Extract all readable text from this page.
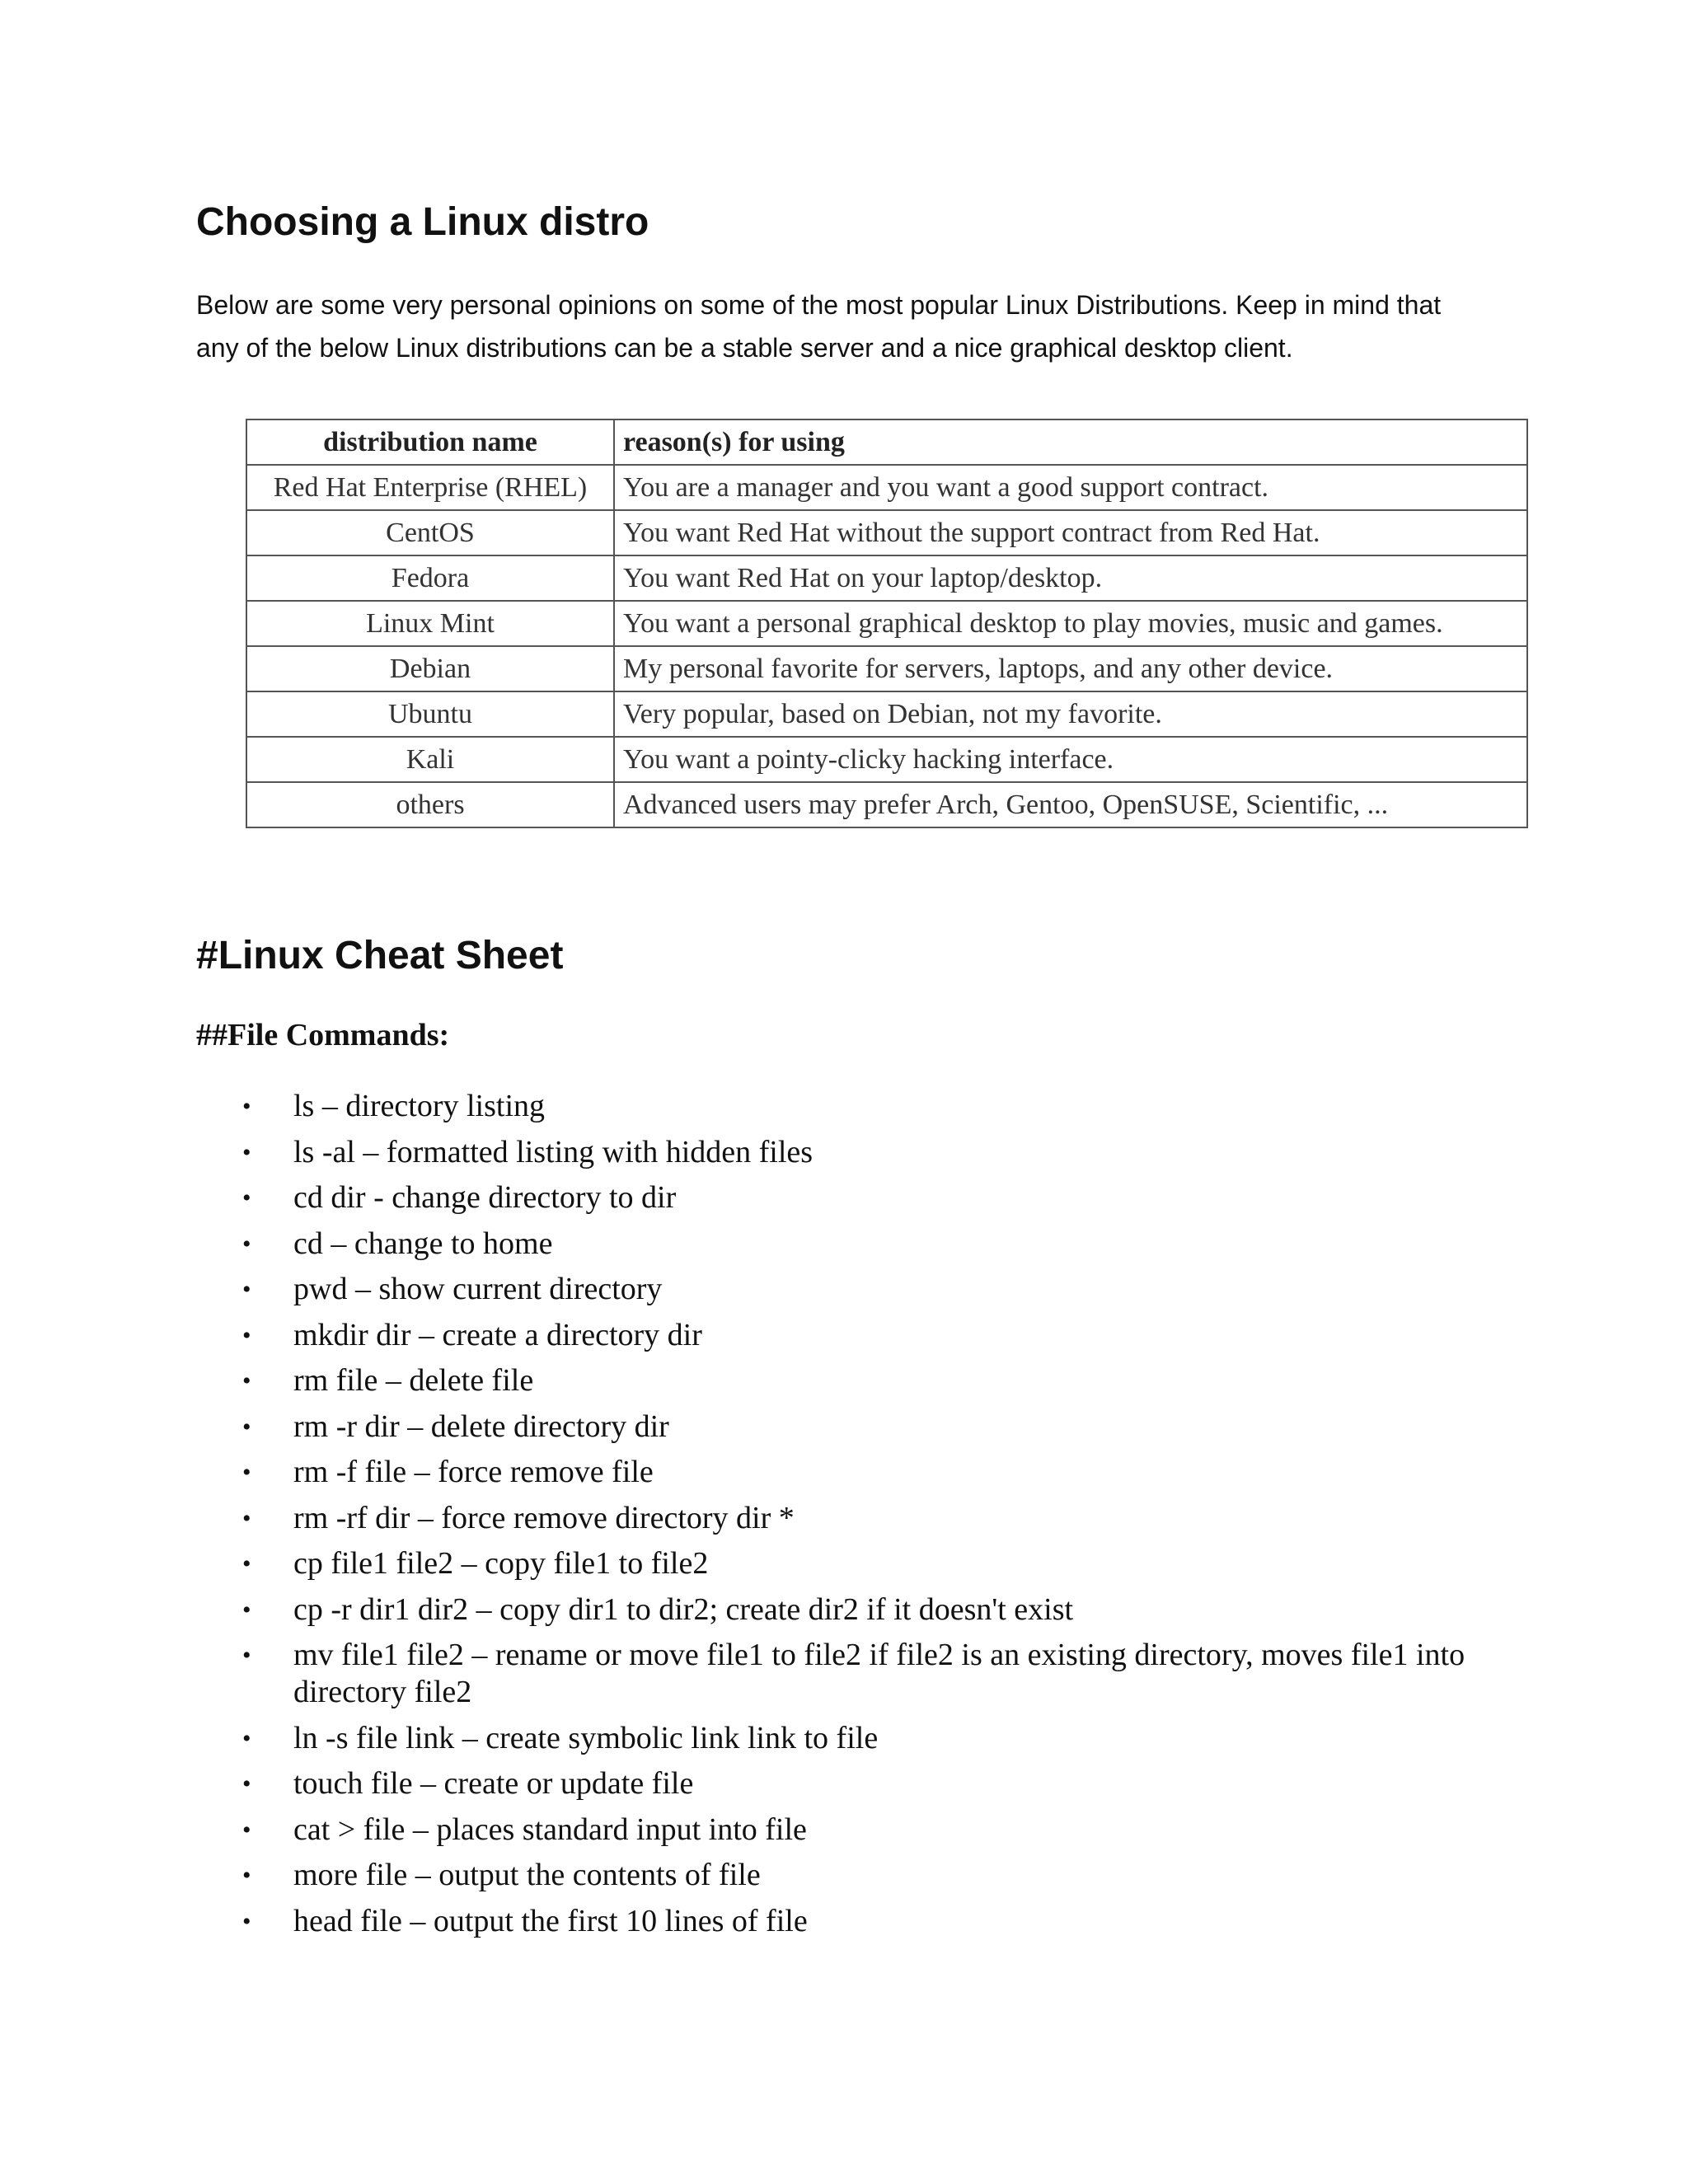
Choosing a Linux distro

Below are some very personal opinions on some of the most popular Linux Distributions. Keep in mind that any of the below Linux distributions can be a stable server and a nice graphical desktop client.

distribution name	reason(s) for using
Red Hat Enterprise (RHEL)	You are a manager and you want a good support contract.
CentOS	You want Red Hat without the support contract from Red Hat.
Fedora	You want Red Hat on your laptop/desktop.
Linux Mint	You want a personal graphical desktop to play movies, music and games.
Debian	My personal favorite for servers, laptops, and any other device.
Ubuntu	Very popular, based on Debian, not my favorite.
Kali	You want a pointy-clicky hacking interface.
others	Advanced users may prefer Arch, Gentoo, OpenSUSE, Scientific, ...
#Linux Cheat Sheet
##File Commands:
• ls – directory listing
• ls -al – formatted listing with hidden files
• cd dir - change directory to dir
• cd – change to home
• pwd – show current directory
• mkdir dir – create a directory dir
• rm file – delete file
• rm -r dir – delete directory dir
• rm -f file – force remove file
• rm -rf dir – force remove directory dir *
• cp file1 file2 – copy file1 to file2
• cp -r dir1 dir2 – copy dir1 to dir2; create dir2 if it doesn't exist
• mv file1 file2 – rename or move file1 to file2 if file2 is an existing directory, moves file1 into directory file2
• ln -s file link – create symbolic link link to file
• touch file – create or update file
• cat > file – places standard input into file
• more file – output the contents of file
• head file – output the first 10 lines of file
